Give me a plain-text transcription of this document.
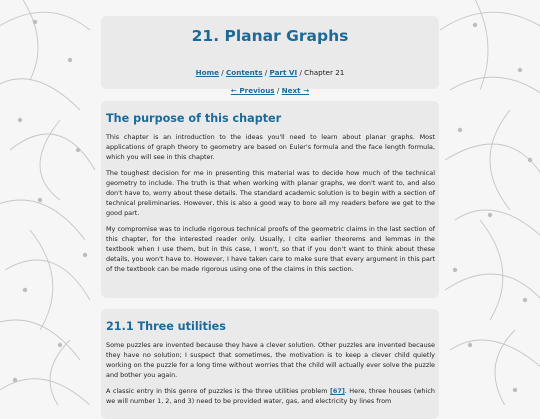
21. Planar Graphs
Home / Contents / Part VI / Chapter 21
← Previous / Next →
The purpose of this chapter

This chapter is an introduction to the ideas you'll need to learn about planar graphs. Most applications of graph theory to geometry are based on Euler's formula and the face length formula, which you will see in this chapter.

The toughest decision for me in presenting this material was to decide how much of the technical geometry to include. The truth is that when working with planar graphs, we don't want to, and also don't have to, worry about these details. The standard academic solution is to begin with a section of technical preliminaries. However, this is also a good way to bore all my readers before we get to the good part.

My compromise was to include rigorous technical proofs of the geometric claims in the last section of this chapter, for the interested reader only. Usually, I cite earlier theorems and lemmas in the textbook when I use them, but in this case, I won't, so that if you don't want to think about these details, you won't have to. However, I have taken care to make sure that every argument in this part of the textbook can be made rigorous using one of the claims in this section.

21.1 Three utilities

Some puzzles are invented because they have a clever solution. Other puzzles are invented because they have no solution; I suspect that sometimes, the motivation is to keep a clever child quietly working on the puzzle for a long time without worries that the child will actually ever solve the puzzle and bother you again.

A classic entry in this genre of puzzles is the three utilities problem [67]. Here, three houses (which we will number 1, 2, and 3) need to be provided water, gas, and electricity by lines from
